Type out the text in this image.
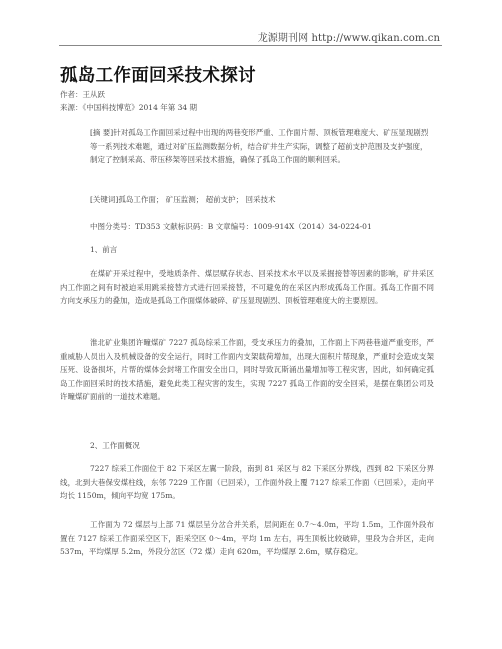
龙源期刊网 http://www.qikan.com.cn
孤岛工作面回采技术探讨
作者：王从跃
来源：《中国科技博览》2014 年第 34 期
[摘 要]针对孤岛工作面回采过程中出现的两巷变形严重、工作面片帮、顶板管理难度大、矿压显现剧烈等一系列技术难题，通过对矿压监测数据分析，结合矿井生产实际，调整了超前支护范围及支护强度，制定了控制采高、带压移架等回采技术措施，确保了孤岛工作面的顺利回采。
[关键词]孤岛工作面； 矿压监测； 超前支护； 回采技术
中图分类号：TD353 文献标识码：B 文章编号：1009-914X（2014）34-0224-01
1、前言
在煤矿开采过程中，受地质条件、煤层赋存状态、回采技术水平以及采掘接替等因素的影响，矿井采区内工作面之间有时被迫采用跳采接替方式进行回采接替，不可避免的在采区内形成孤岛工作面。孤岛工作面不同方向支承压力的叠加，造成是孤岛工作面煤体破碎、矿压显现剧烈、顶板管理难度大的主要原因。
淮北矿业集团许疃煤矿 7227 孤岛综采工作面，受支承压力的叠加，工作面上下两巷巷道严重变形，严重威胁人员出入及机械设备的安全运行，同时工作面内支架载荷增加，出现大面积片帮现象，严重时会造成支架压死、设备损坏，片帮的煤体会封堵工作面安全出口，同时导致瓦斯涌出量增加等工程灾害，因此，如何确定孤岛工作面回采时的技术措施，避免此类工程灾害的发生，实现 7227 孤岛工作面的安全回采，是摆在集团公司及许疃煤矿面前的一道技术难题。
2、工作面概况
7227 综采工作面位于 82 下采区左翼一阶段，南到 81 采区与 82 下采区分界线，西到 82 下采区分界线，北到大巷保安煤柱线，东邻 7229 工作面（已回采），工作面外段上覆 7127 综采工作面（已回采），走向平均长 1150m，倾向平均宽 175m。
工作面为 72 煤层与上部 71 煤层呈分岔合并关系，层间距在 0.7～4.0m，平均 1.5m，工作面外段布置在 7127 综采工作面采空区下，距采空区 0～4m，平均 1m 左右，再生顶板比较破碎，里段为合并区，走向 537m，平均煤厚 5.2m，外段分岔区（72 煤）走向 620m，平均煤厚 2.6m，赋存稳定。
